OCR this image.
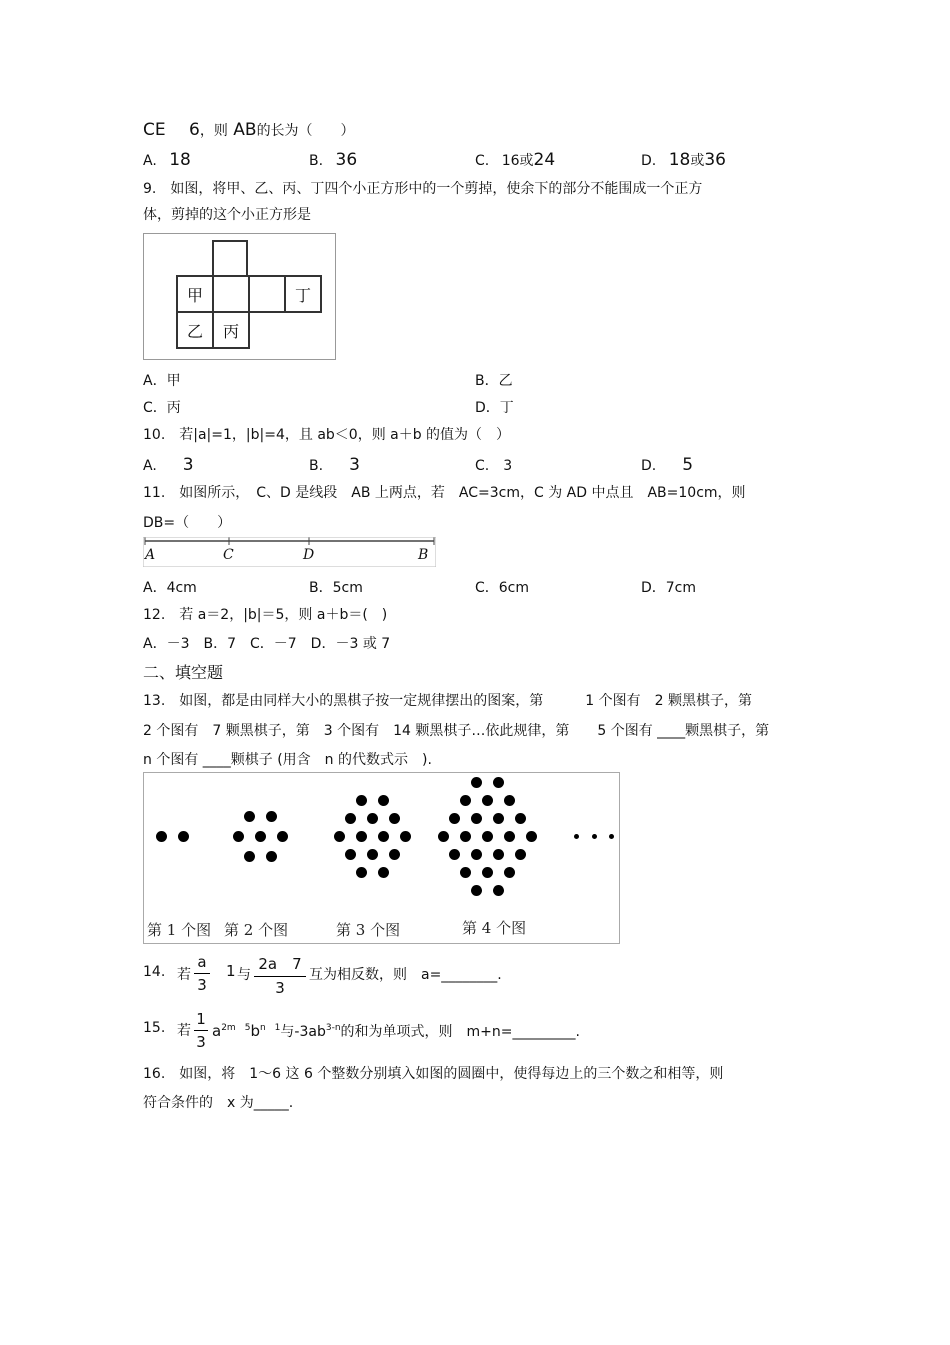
CE 6，则 AB的长为（　　）
A. 18	B. 36	C. 16或24	D. 18或36
9.　如图，将甲、乙、丙、丁四个小正方形中的一个剪掉，使余下的部分不能围成一个正方
体，剪掉的这个小正方形是
甲	丁
乙	丙
A．甲	B．乙
C．丙	D．丁
10.　若|a|=1，|b|=4，且 ab＜0，则 a＋b 的值为（　）
A. 3	B. 3	C.　3	D. 5
11.　如图所示，　C、D 是线段　AB 上两点，若　AC=3cm，C 为 AD 中点且　AB=10cm，则
DB=（　　）
A	C	D	B
A．4cm	B．5cm	C．6cm	D．7cm
12.　若 a＝2，|b|＝5，则 a＋b＝(　)
A．－3　B．7　C．－7　D．－3 或 7
二、填空题
13.　如图，都是由同样大小的黑棋子按一定规律摆出的图案，第　　　1 个图有　2 颗黑棋子，第
2 个图有　7 颗黑棋子，第　3 个图有　14 颗黑棋子…依此规律，第　　5 个图有 ____颗黑棋子，第
n 个图有 ____颗棋子 (用含　n 的代数式示　).
第 1 个图 第 2 个图	第 3 个图	第 4 个图
14. 若
a
3
1 与
2a　7
3
互为相反数，则　a=________.
15. 若
1
3
$a^{2m 5}b^{n 1}$与$-3ab^{3-n}$的和为单项式，则　m+n=_________.
16.　如图，将　1～6 这 6 个整数分别填入如图的圆圈中，使得每边上的三个数之和相等，则
符合条件的　x 为_____.
